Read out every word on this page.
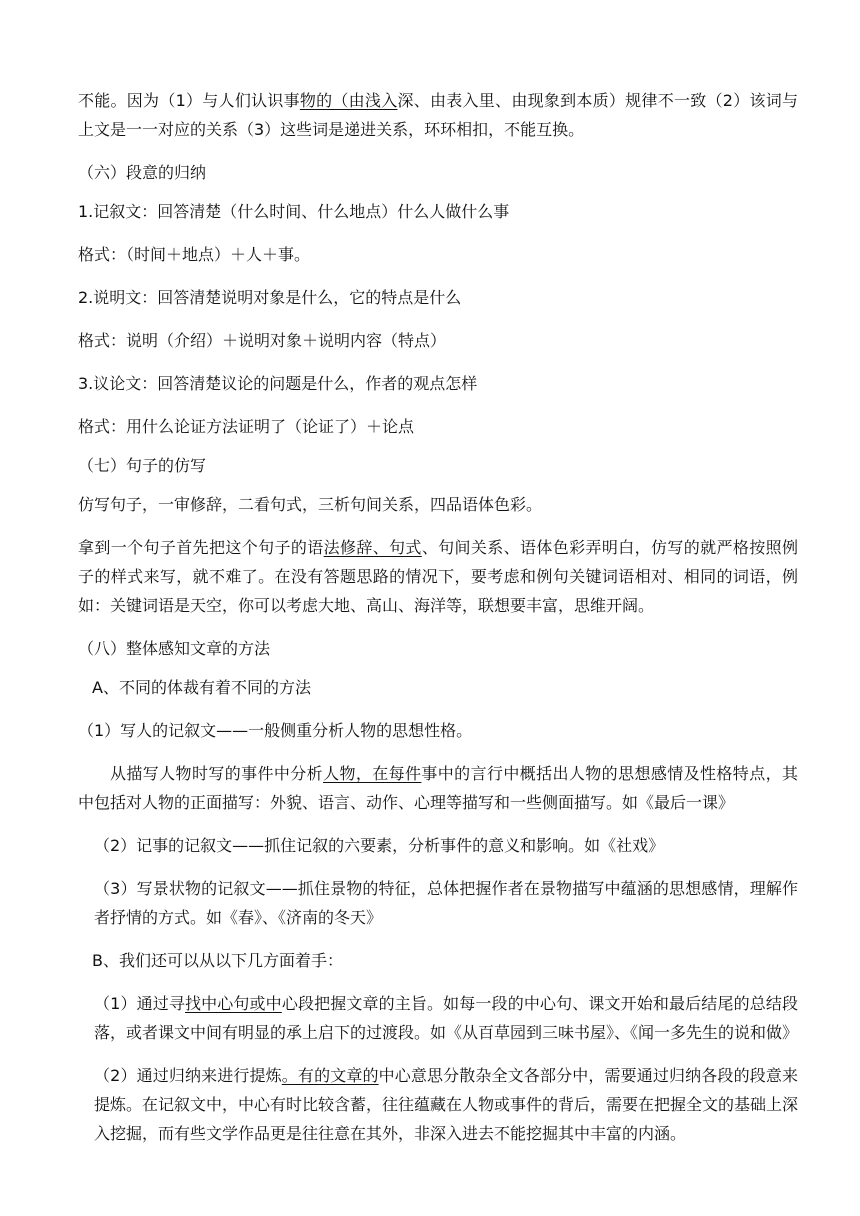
不能。因为（1）与人们认识事物的（由浅入深、由表入里、由现象到本质）规律不一致（2）该词与上文是一一对应的关系（3）这些词是递进关系，环环相扣，不能互换。

（六）段意的归纳

1.记叙文：回答清楚（什么时间、什么地点）什么人做什么事

格式：（时间＋地点）＋人＋事。

2.说明文：回答清楚说明对象是什么，它的特点是什么

格式：说明（介绍）＋说明对象＋说明内容（特点）

3.议论文：回答清楚议论的问题是什么，作者的观点怎样

格式：用什么论证方法证明了（论证了）＋论点

（七）句子的仿写

仿写句子，一审修辞，二看句式，三析句间关系，四品语体色彩。

拿到一个句子首先把这个句子的语法修辞、句式、句间关系、语体色彩弄明白，仿写的就严格按照例子的样式来写，就不难了。在没有答题思路的情况下，要考虑和例句关键词语相对、相同的词语，例如：关键词语是天空，你可以考虑大地、高山、海洋等，联想要丰富，思维开阔。

（八）整体感知文章的方法

A、不同的体裁有着不同的方法

（1）写人的记叙文——一般侧重分析人物的思想性格。

从描写人物时写的事件中分析人物，在每件事中的言行中概括出人物的思想感情及性格特点，其中包括对人物的正面描写：外貌、语言、动作、心理等描写和一些侧面描写。如《最后一课》

（2）记事的记叙文——抓住记叙的六要素，分析事件的意义和影响。如《社戏》

（3）写景状物的记叙文——抓住景物的特征，总体把握作者在景物描写中蕴涵的思想感情，理解作者抒情的方式。如《春》、《济南的冬天》

B、我们还可以从以下几方面着手：

（1）通过寻找中心句或中心段把握文章的主旨。如每一段的中心句、课文开始和最后结尾的总结段落，或者课文中间有明显的承上启下的过渡段。如《从百草园到三味书屋》、《闻一多先生的说和做》

（2）通过归纳来进行提炼。有的文章的中心意思分散杂全文各部分中，需要通过归纳各段的段意来提炼。在记叙文中，中心有时比较含蓄，往往蕴藏在人物或事件的背后，需要在把握全文的基础上深入挖掘，而有些文学作品更是往往意在其外，非深入进去不能挖掘其中丰富的内涵。
